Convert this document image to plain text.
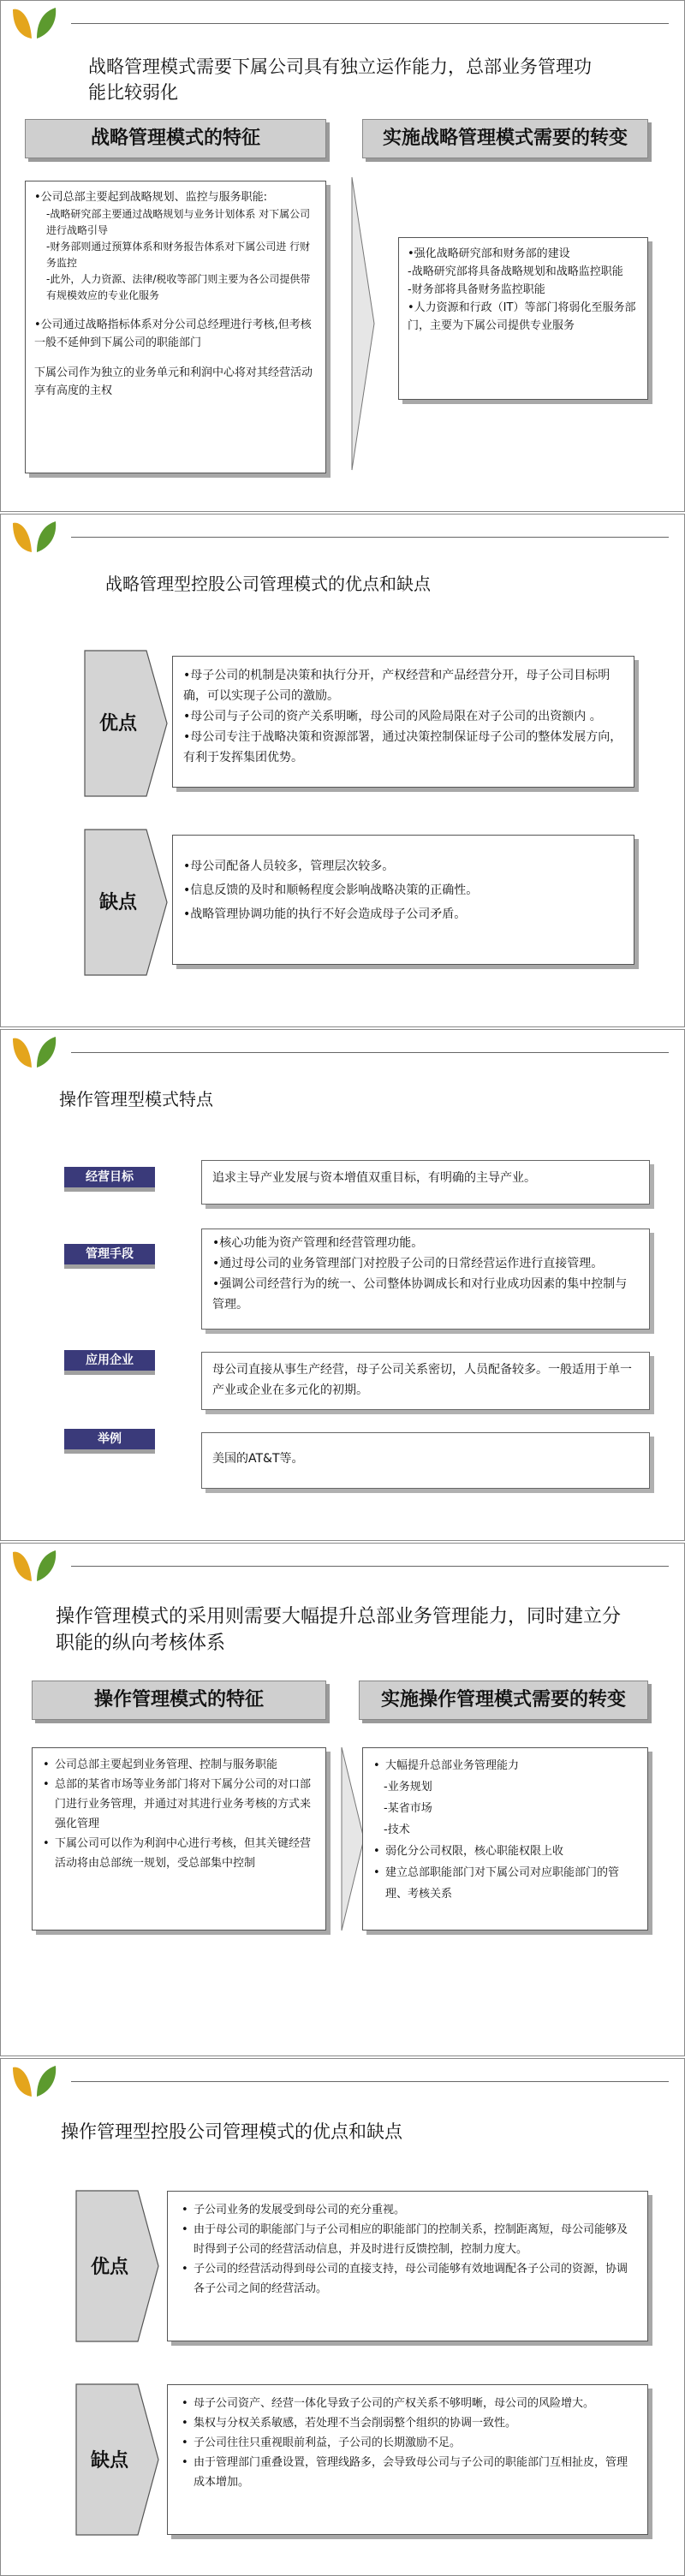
战略管理模式需要下属公司具有独立运作能力，总部业务管理功能比较弱化
战略管理模式的特征	实施战略管理模式需要的转变

•公司总部主要起到战略规划、监控与服务职能:

-战略研究部主要通过战略规划与业务计划体系 对下属公司进行战略引导

-财务部则通过预算体系和财务报告体系对下属公司进 行财务监控

-此外，人力资源、法律/税收等部门则主要为各公司提供带有规模效应的专业化服务

•公司通过战略指标体系对分公司总经理进行考核,但考核一般不延伸到下属公司的职能部门

下属公司作为独立的业务单元和利润中心将对其经营活动享有高度的主权

•强化战略研究部和财务部的建设

-战略研究部将具备战略规划和战略监控职能

-财务部将具备财务监控职能

•人力资源和行政（IT）等部门将弱化至服务部门，主要为下属公司提供专业服务

战略管理型控股公司管理模式的优点和缺点
优点

•母子公司的机制是决策和执行分开，产权经营和产品经营分开，母子公司目标明确，可以实现子公司的激励。

•母公司与子公司的资产关系明晰，母公司的风险局限在对子公司的出资额内 。

•母公司专注于战略决策和资源部署，通过决策控制保证母子公司的整体发展方向，有利于发挥集团优势。

缺点

•母公司配备人员较多，管理层次较多。

•信息反馈的及时和顺畅程度会影响战略决策的正确性。

•战略管理协调功能的执行不好会造成母子公司矛盾。

操作管理型模式特点
经营目标	追求主导产业发展与资本增值双重目标，有明确的主导产业。

管理手段

•核心功能为资产管理和经营管理功能。

•通过母公司的业务管理部门对控股子公司的日常经营运作进行直接管理。

•强调公司经营行为的统一、公司整体协调成长和对行业成功因素的集中控制与管理。

应用企业

母公司直接从事生产经营，母子公司关系密切，人员配备较多。一般适用于单一产业或企业在多元化的初期。

举例

美国的AT&T等。

操作管理模式的采用则需要大幅提升总部业务管理能力，同时建立分职能的纵向考核体系
操作管理模式的特征	实施操作管理模式需要的转变
• 公司总部主要起到业务管理、控制与服务职能
• 总部的某省市场等业务部门将对下属分公司的对口部门进行业务管理，并通过对其进行业务考核的方式来强化管理
• 下属公司可以作为利润中心进行考核，但其关键经营活动将由总部统一规划，受总部集中控制
• 大幅提升总部业务管理能力

-业务规划

-某省市场

-技术

• 弱化分公司权限，核心职能权限上收
• 建立总部职能部门对下属公司对应职能部门的管理、考核关系
操作管理型控股公司管理模式的优点和缺点
优点
• 子公司业务的发展受到母公司的充分重视。
• 由于母公司的职能部门与子公司相应的职能部门的控制关系，控制距离短，母公司能够及时得到子公司的经营活动信息，并及时进行反馈控制，控制力度大。
• 子公司的经营活动得到母公司的直接支持，母公司能够有效地调配各子公司的资源，协调各子公司之间的经营活动。
缺点
• 母子公司资产、经营一体化导致子公司的产权关系不够明晰，母公司的风险增大。
• 集权与分权关系敏感，若处理不当会削弱整个组织的协调一致性。
• 子公司往往只重视眼前利益，子公司的长期激励不足。
• 由于管理部门重叠设置，管理线路多，会导致母公司与子公司的职能部门互相扯皮，管理成本增加。
